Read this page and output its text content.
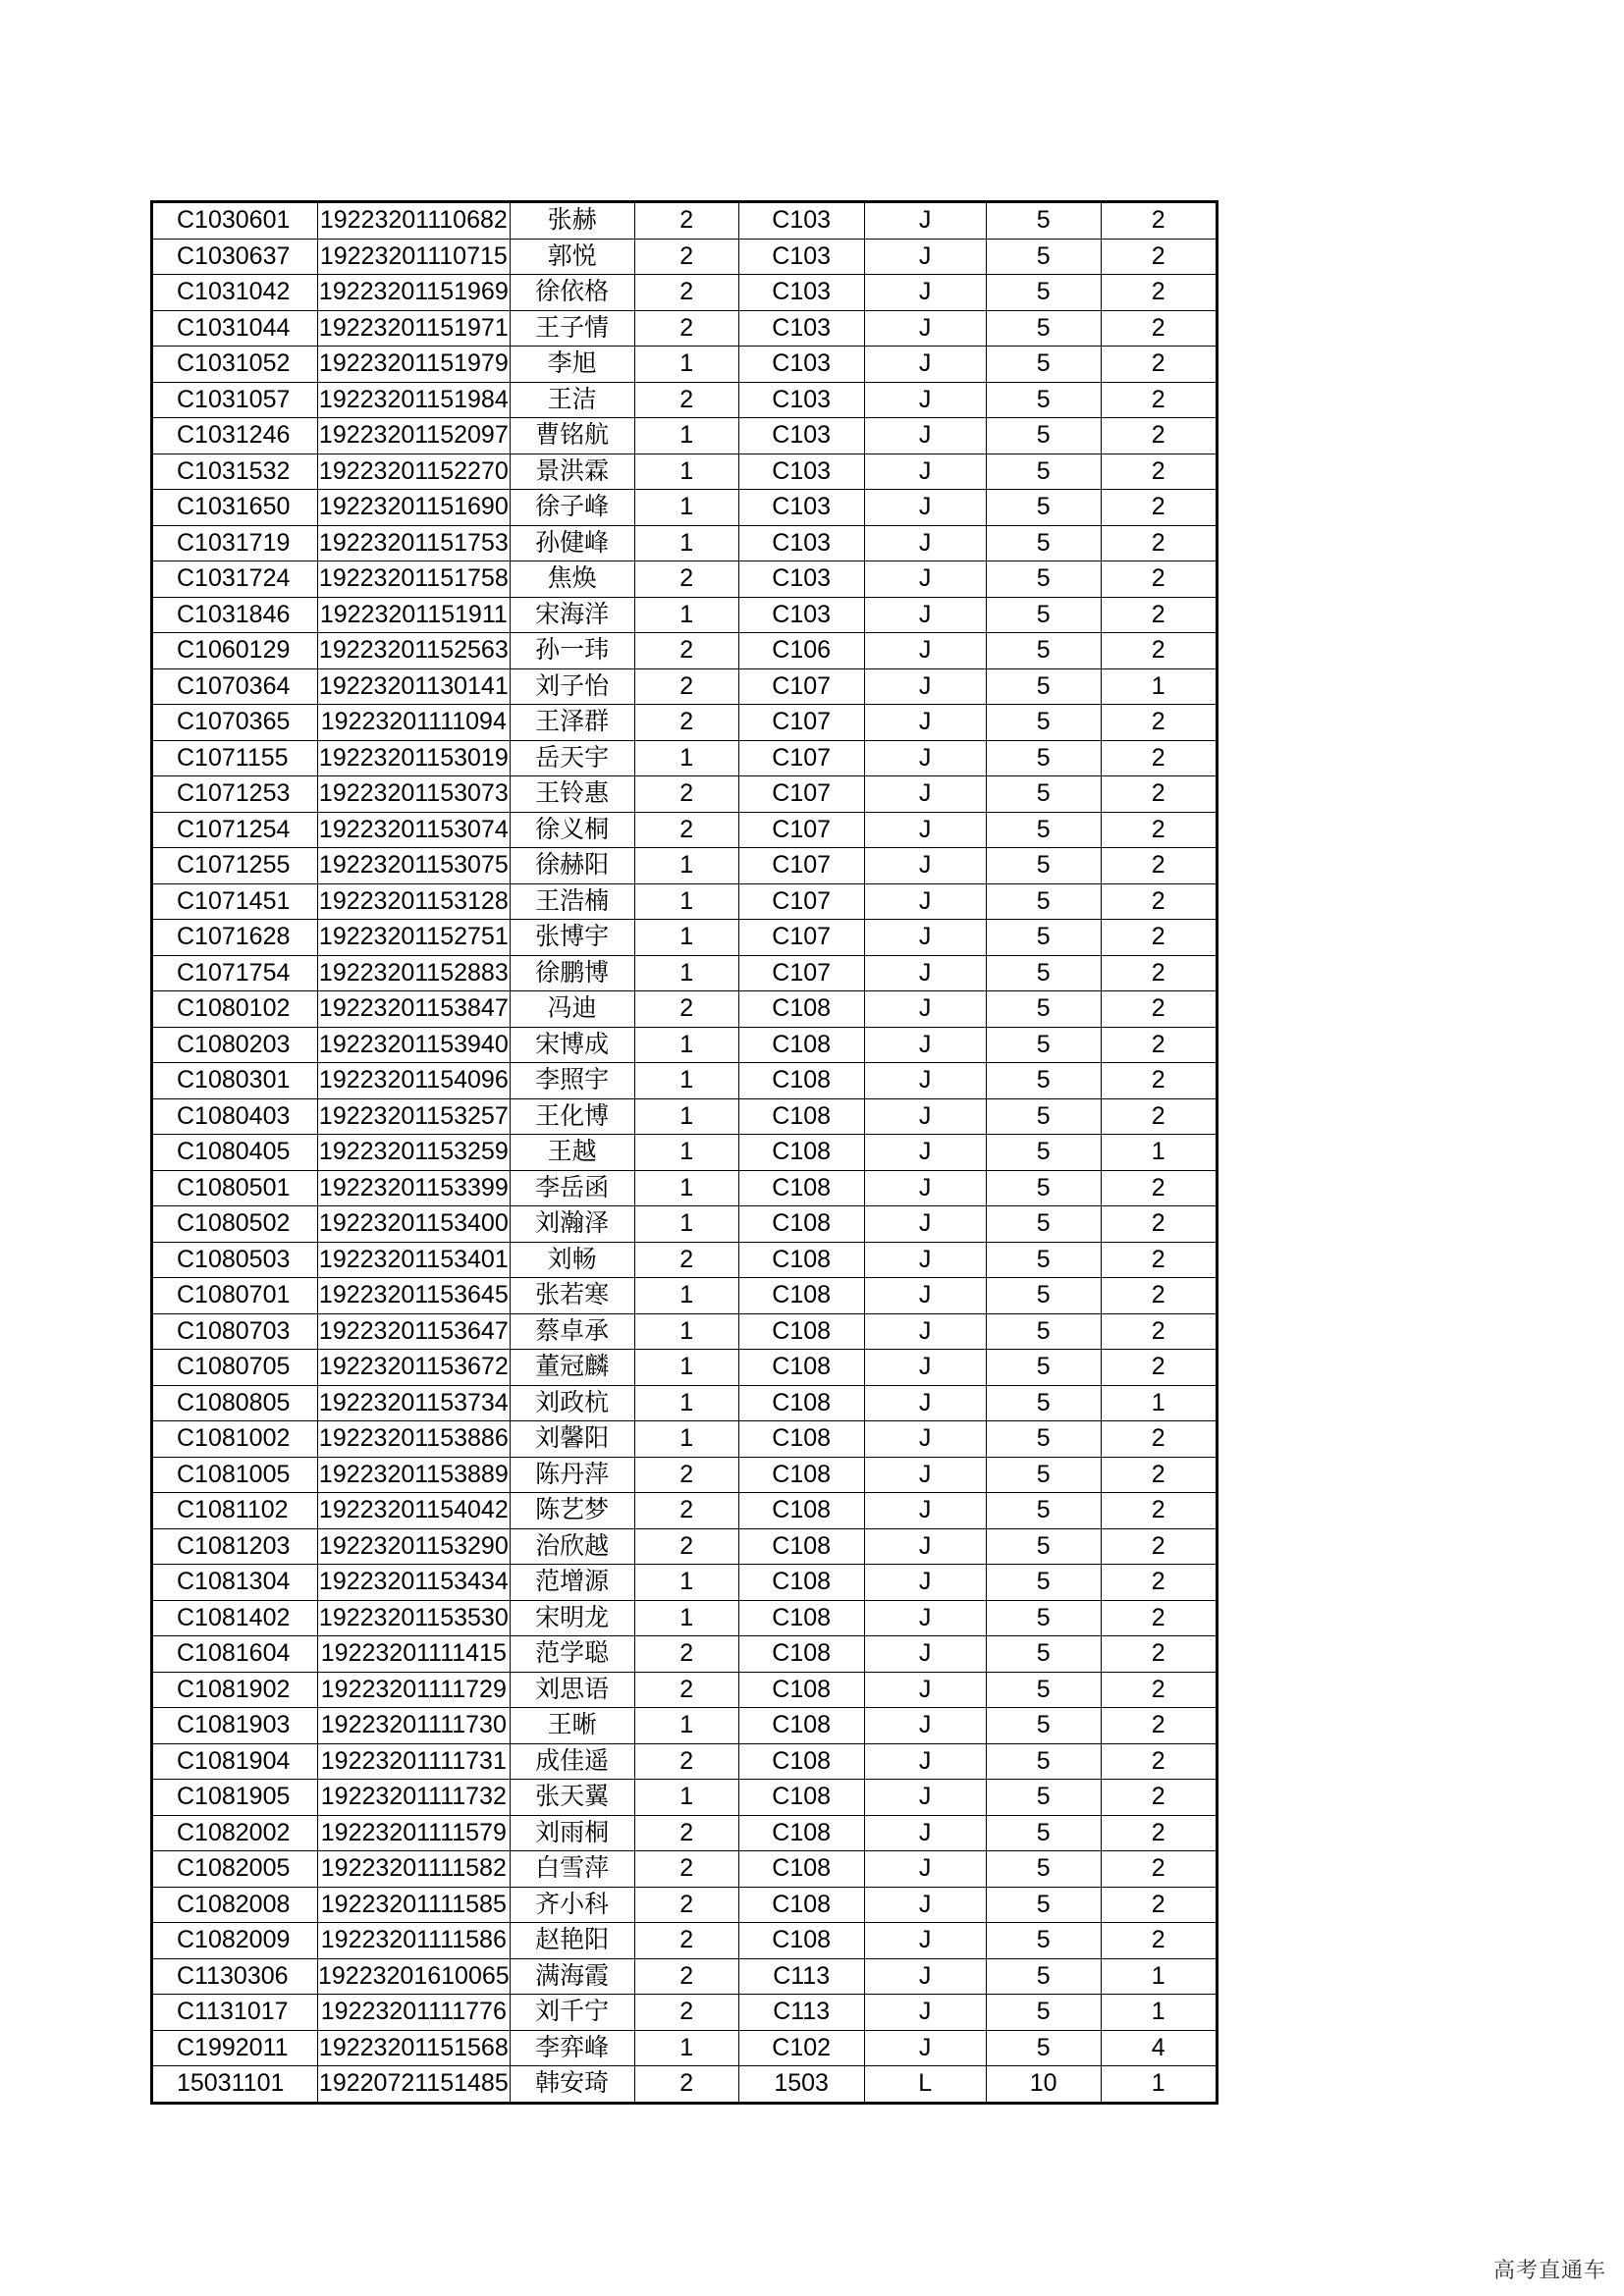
C1030601	19223201110682	张赫	2	C103	J	5	2
C1030637	19223201110715	郭悦	2	C103	J	5	2
C1031042	19223201151969	徐依格	2	C103	J	5	2
C1031044	19223201151971	王子情	2	C103	J	5	2
C1031052	19223201151979	李旭	1	C103	J	5	2
C1031057	19223201151984	王洁	2	C103	J	5	2
C1031246	19223201152097	曹铭航	1	C103	J	5	2
C1031532	19223201152270	景洪霖	1	C103	J	5	2
C1031650	19223201151690	徐子峰	1	C103	J	5	2
C1031719	19223201151753	孙健峰	1	C103	J	5	2
C1031724	19223201151758	焦焕	2	C103	J	5	2
C1031846	19223201151911	宋海洋	1	C103	J	5	2
C1060129	19223201152563	孙一玮	2	C106	J	5	2
C1070364	19223201130141	刘子怡	2	C107	J	5	1
C1070365	19223201111094	王泽群	2	C107	J	5	2
C1071155	19223201153019	岳天宇	1	C107	J	5	2
C1071253	19223201153073	王铃惠	2	C107	J	5	2
C1071254	19223201153074	徐义桐	2	C107	J	5	2
C1071255	19223201153075	徐赫阳	1	C107	J	5	2
C1071451	19223201153128	王浩楠	1	C107	J	5	2
C1071628	19223201152751	张博宇	1	C107	J	5	2
C1071754	19223201152883	徐鹏博	1	C107	J	5	2
C1080102	19223201153847	冯迪	2	C108	J	5	2
C1080203	19223201153940	宋博成	1	C108	J	5	2
C1080301	19223201154096	李照宇	1	C108	J	5	2
C1080403	19223201153257	王化博	1	C108	J	5	2
C1080405	19223201153259	王越	1	C108	J	5	1
C1080501	19223201153399	李岳函	1	C108	J	5	2
C1080502	19223201153400	刘瀚泽	1	C108	J	5	2
C1080503	19223201153401	刘畅	2	C108	J	5	2
C1080701	19223201153645	张若寒	1	C108	J	5	2
C1080703	19223201153647	蔡卓承	1	C108	J	5	2
C1080705	19223201153672	董冠麟	1	C108	J	5	2
C1080805	19223201153734	刘政杭	1	C108	J	5	1
C1081002	19223201153886	刘馨阳	1	C108	J	5	2
C1081005	19223201153889	陈丹萍	2	C108	J	5	2
C1081102	19223201154042	陈艺梦	2	C108	J	5	2
C1081203	19223201153290	治欣越	2	C108	J	5	2
C1081304	19223201153434	范增源	1	C108	J	5	2
C1081402	19223201153530	宋明龙	1	C108	J	5	2
C1081604	19223201111415	范学聪	2	C108	J	5	2
C1081902	19223201111729	刘思语	2	C108	J	5	2
C1081903	19223201111730	王晰	1	C108	J	5	2
C1081904	19223201111731	成佳遥	2	C108	J	5	2
C1081905	19223201111732	张天翼	1	C108	J	5	2
C1082002	19223201111579	刘雨桐	2	C108	J	5	2
C1082005	19223201111582	白雪萍	2	C108	J	5	2
C1082008	19223201111585	齐小科	2	C108	J	5	2
C1082009	19223201111586	赵艳阳	2	C108	J	5	2
C1130306	19223201610065	满海霞	2	C113	J	5	1
C1131017	19223201111776	刘千宁	2	C113	J	5	1
C1992011	19223201151568	李弈峰	1	C102	J	5	4
15031101	19220721151485	韩安琦	2	1503	L	10	1
高考直通车
